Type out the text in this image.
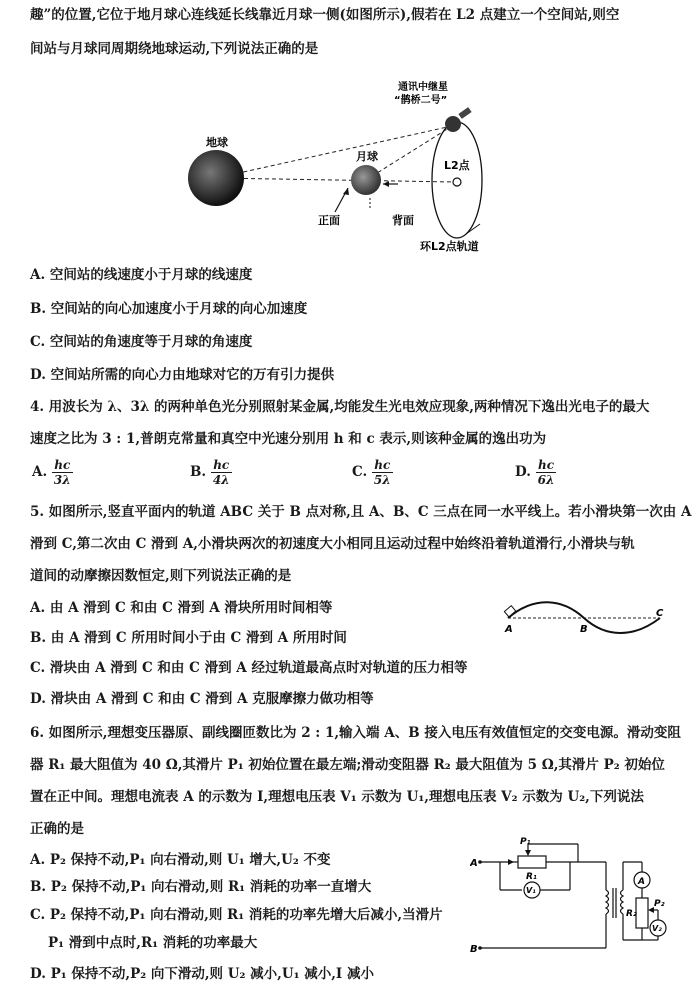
趣”的位置,它位于地月球心连线延长线靠近月球一侧(如图所示),假若在 L2 点建立一个空间站,则空
间站与月球同周期绕地球运动,下列说法正确的是
地球
月球
正面	背面
L2点
通讯中继星
“鹊桥二号”
环L2点轨道
A. 空间站的线速度小于月球的线速度
B. 空间站的向心加速度小于月球的向心加速度
C. 空间站的角速度等于月球的角速度
D. 空间站所需的向心力由地球对它的万有引力提供
4. 用波长为 λ、3λ 的两种单色光分别照射某金属,均能发生光电效应现象,两种情况下逸出光电子的最大
速度之比为 3 : 1,普朗克常量和真空中光速分别用 h 和 c 表示,则该种金属的逸出功为
A. $\frac{hc}{3\lambda}$	B. $\frac{hc}{4\lambda}$	C. $\frac{hc}{5\lambda}$	D. $\frac{hc}{6\lambda}$
5. 如图所示,竖直平面内的轨道 ABC 关于 B 点对称,且 A、B、C 三点在同一水平线上。若小滑块第一次由 A
滑到 C,第二次由 C 滑到 A,小滑块两次的初速度大小相同且运动过程中始终沿着轨道滑行,小滑块与轨
道间的动摩擦因数恒定,则下列说法正确的是
A. 由 A 滑到 C 和由 C 滑到 A 滑块所用时间相等
B. 由 A 滑到 C 所用时间小于由 C 滑到 A 所用时间
C. 滑块由 A 滑到 C 和由 C 滑到 A 经过轨道最高点时对轨道的压力相等
D. 滑块由 A 滑到 C 和由 C 滑到 A 克服摩擦力做功相等
A	B
C
6. 如图所示,理想变压器原、副线圈匝数比为 2 : 1,输入端 A、B 接入电压有效值恒定的交变电源。滑动变阻
器 R₁ 最大阻值为 40 Ω,其滑片 P₁ 初始位置在最左端;滑动变阻器 R₂ 最大阻值为 5 Ω,其滑片 P₂ 初始位
置在正中间。理想电流表 A 的示数为 I,理想电压表 V₁ 示数为 U₁,理想电压表 V₂ 示数为 U₂,下列说法
正确的是
A. P₂ 保持不动,P₁ 向右滑动,则 U₁ 增大,U₂ 不变
B. P₂ 保持不动,P₁ 向右滑动,则 R₁ 消耗的功率一直增大
C. P₂ 保持不动,P₁ 向右滑动,则 R₁ 消耗的功率先增大后减小,当滑片
P₁ 滑到中点时,R₁ 消耗的功率最大
D. P₁ 保持不动,P₂ 向下滑动,则 U₂ 减小,U₁ 减小,I 减小
A
B
P₁
R₁
V₁
A
R₂
P₂
V₂
